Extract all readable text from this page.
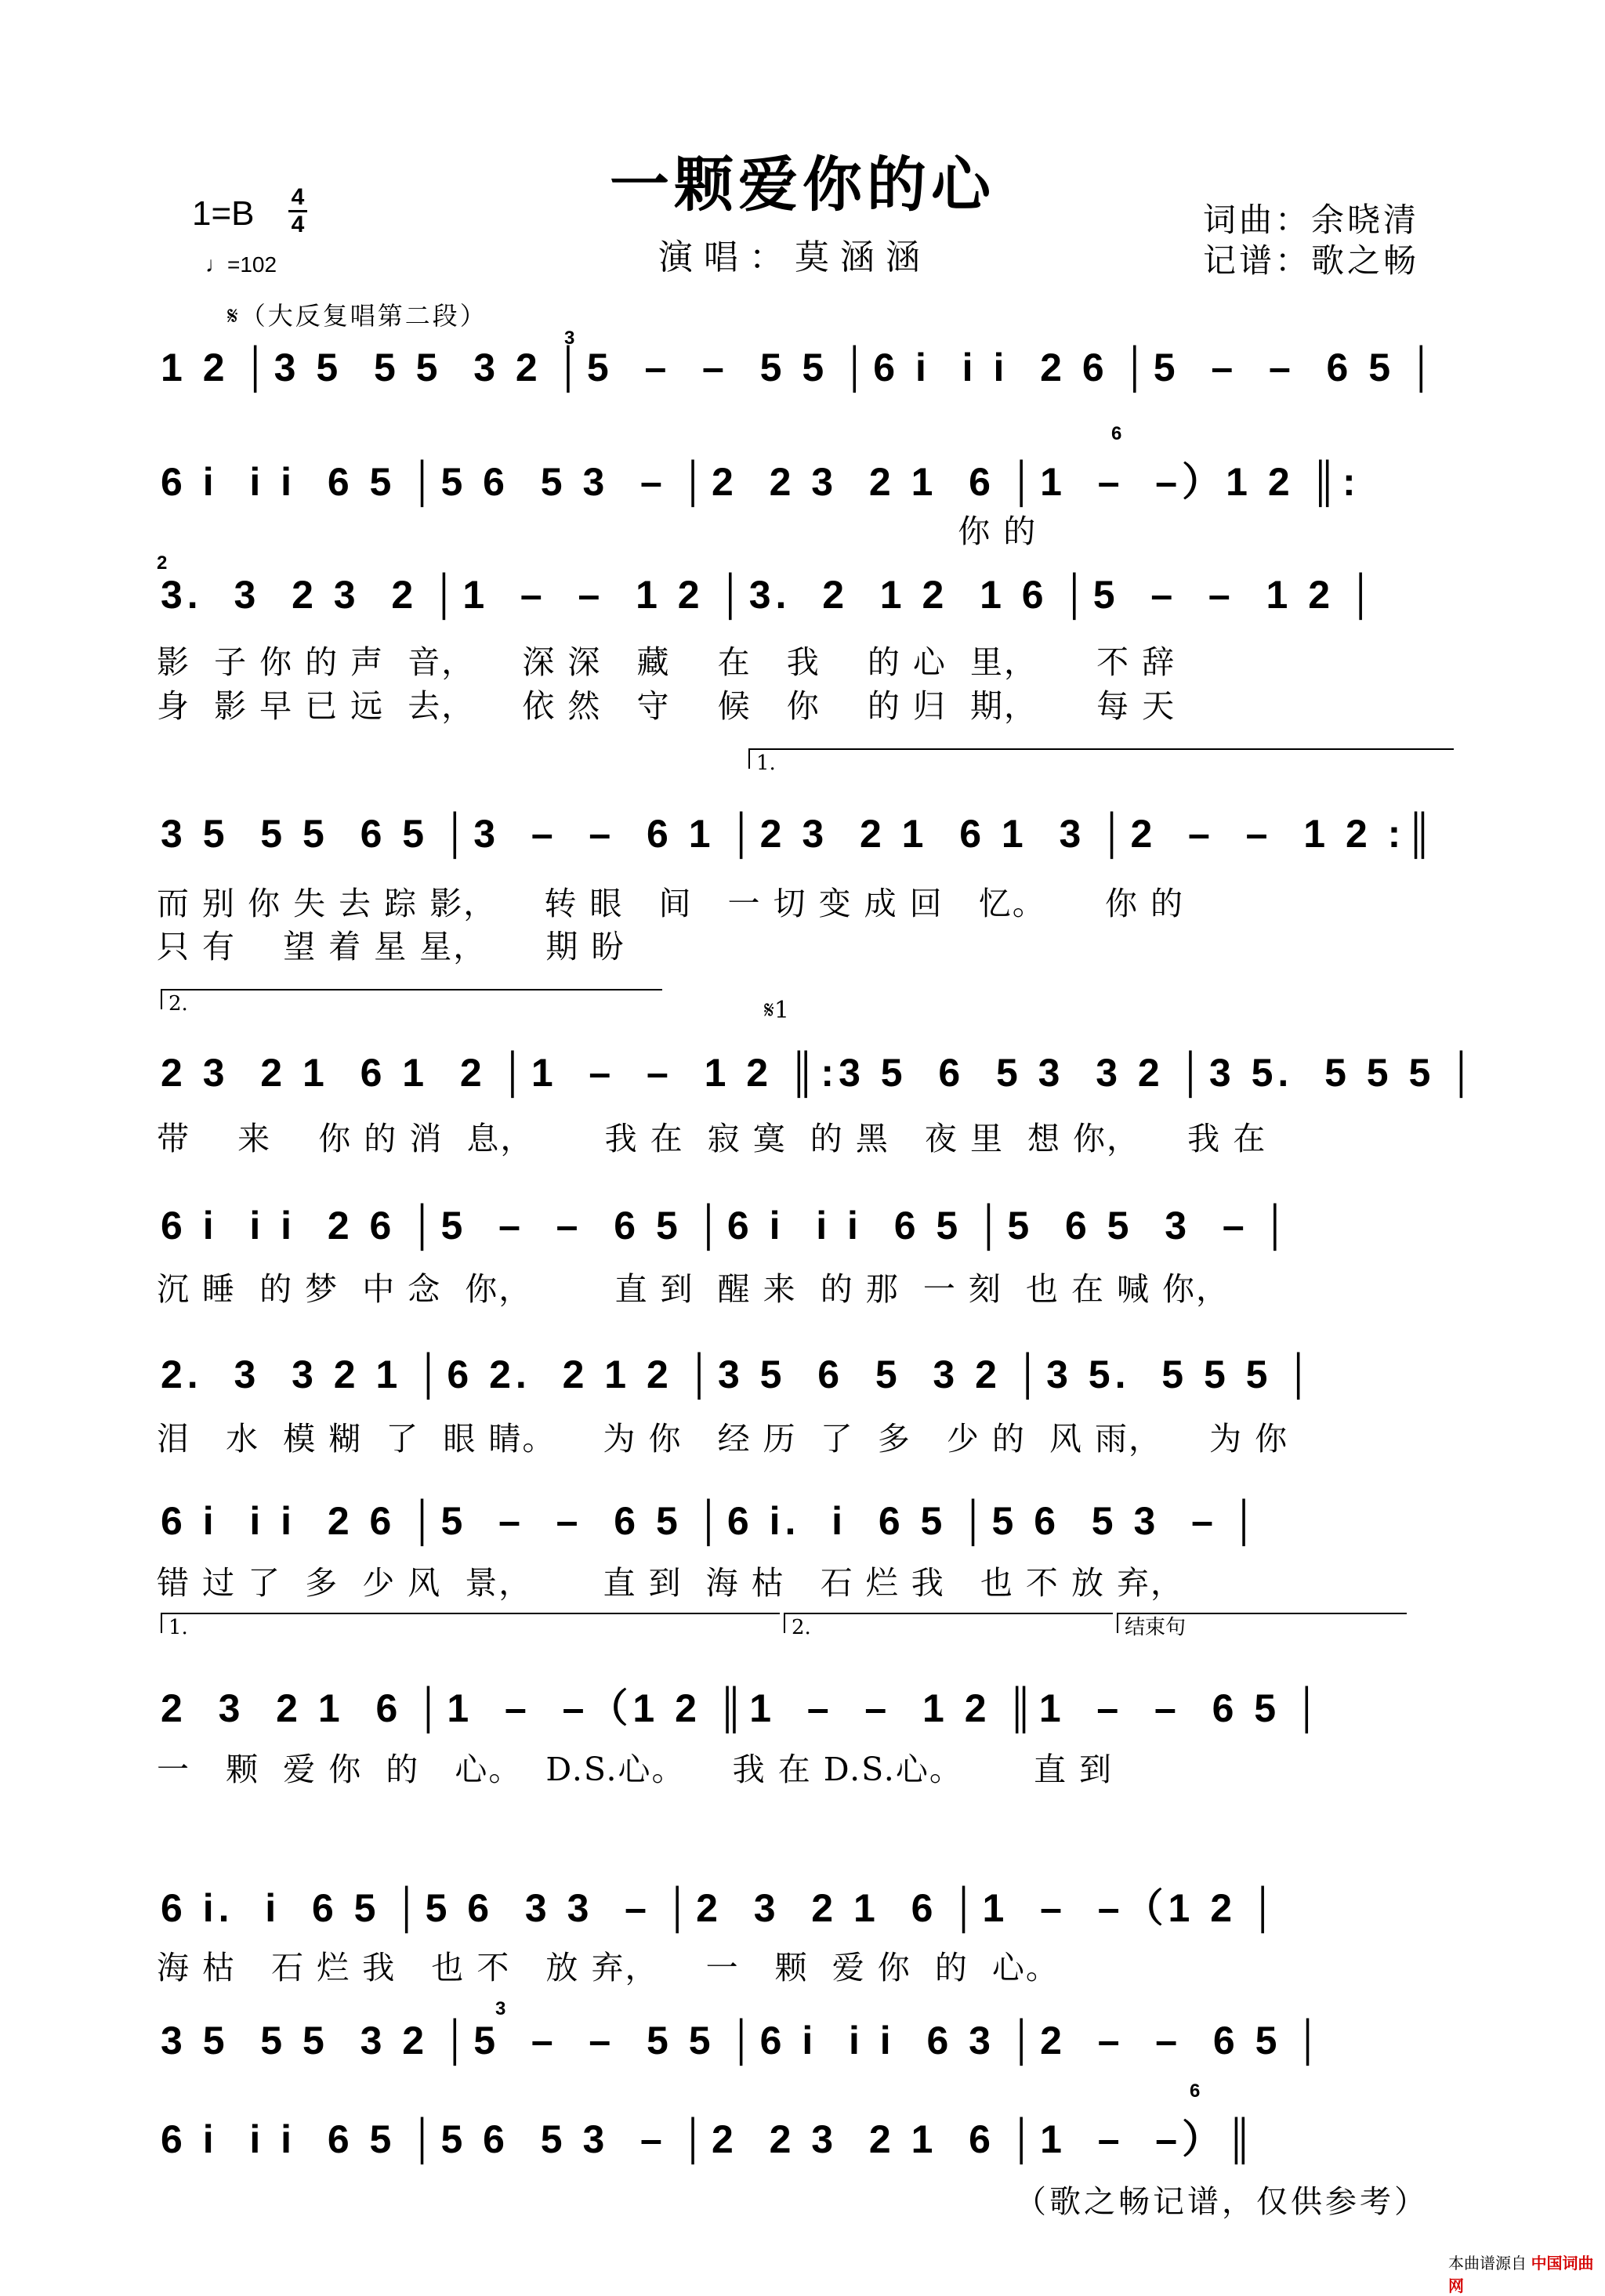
一颗爱你的心
1=B 4
4
♩=102	演唱：莫涵涵
词曲：余晓清
记谱：歌之畅
𝄋（大反复唱第二段）
1 2 │3 5  5 5  3 2 │5  –  –  5 5 │6 i  i i  2 6 │5  –  –  6 5 │
3
6 i  i i  6 5 │5 6  5 3  – │2  2 3  2 1  6 │1  –  –）1 2 ║:
6
你 的
3.  3  2 3  2 │1  –  –  1 2 │3.  2  1 2  1 6 │5  –  –  1 2 │
2
影  子 你 的 声  音，    深 深   藏    在   我    的 心  里，     不 辞
身  影 早 已 远  去，    依 然   守    候   你    的 归  期，     每 天
1.
3 5  5 5  6 5 │3  –  –  6 1 │2 3  2 1  6 1  3 │2  –  –  1 2 :║
而 别 你 失 去 踪 影，    转 眼   间   一 切 变 成 回   忆。     你 的
只 有    望 着 星 星，     期 盼
2.	𝄋1
2 3  2 1  6 1  2 │1  –  –  1 2 ║:3 5  6  5 3  3 2 │3 5.  5 5 5 │
带    来    你 的 消  息，      我 在  寂 寞  的 黑   夜 里  想 你，    我 在
6 i  i i  2 6 │5  –  –  6 5 │6 i  i i  6 5 │5  6 5  3  – │
沉 睡  的 梦  中 念  你，       直 到  醒 来  的 那  一 刻  也 在 喊 你，
2.  3  3 2 1 │6 2.  2 1 2 │3 5  6  5  3 2 │3 5.  5 5 5 │
泪   水  模 糊  了  眼 睛。    为 你   经 历  了  多   少 的  风 雨，    为 你
6 i  i i  2 6 │5  –  –  6 5 │6 i.  i  6 5 │5 6  5 3  – │
错 过 了  多  少 风  景，      直 到  海 枯   石 烂 我   也 不 放 弃，
1.	2.	结束句
2  3  2 1  6 │1  –  –（1 2 ║1  –  –  1 2 ║1  –  –  6 5 │
一   颗  爱 你  的   心。  D.S.心。    我 在 D.S.心。      直 到
6 i.  i  6 5 │5 6  3 3  – │2  3  2 1  6 │1  –  –（1 2 │
海 枯   石 烂 我   也 不   放 弃，    一   颗  爱 你  的  心。
3 5  5 5  3 2 │5  –  –  5 5 │6 i  i i  6 3 │2  –  –  6 5 │
3
6 i  i i  6 5 │5 6  5 3  – │2  2 3  2 1  6 │1  –  –）║
6
（歌之畅记谱，仅供参考）
本曲谱源自 中国词曲网
